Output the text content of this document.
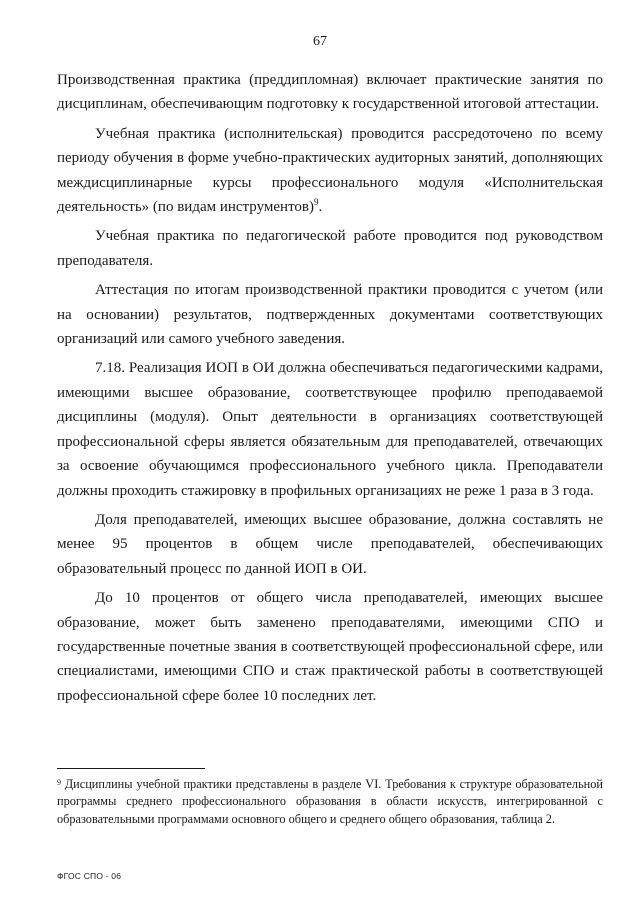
67

Производственная практика (преддипломная) включает практические занятия по дисциплинам, обеспечивающим подготовку к государственной итоговой аттестации.

Учебная практика (исполнительская) проводится рассредоточено по всему периоду обучения в форме учебно-практических аудиторных занятий, дополняющих междисциплинарные курсы профессионального модуля «Исполнительская деятельность» (по видам инструментов)$^9$.

Учебная практика по педагогической работе проводится под руководством преподавателя.

Аттестация по итогам производственной практики проводится с учетом (или на основании) результатов, подтвержденных документами соответствующих организаций или самого учебного заведения.

7.18. Реализация ИОП в ОИ должна обеспечиваться педагогическими кадрами, имеющими высшее образование, соответствующее профилю преподаваемой дисциплины (модуля). Опыт деятельности в организациях соответствующей профессиональной сферы является обязательным для преподавателей, отвечающих за освоение обучающимся профессионального учебного цикла. Преподаватели должны проходить стажировку в профильных организациях не реже 1 раза в 3 года.

Доля преподавателей, имеющих высшее образование, должна составлять не менее 95 процентов в общем числе преподавателей, обеспечивающих образовательный процесс по данной ИОП в ОИ.

До 10 процентов от общего числа преподавателей, имеющих высшее образование, может быть заменено преподавателями, имеющими СПО и государственные почетные звания в соответствующей профессиональной сфере, или специалистами, имеющими СПО и стаж практической работы в соответствующей профессиональной сфере более 10 последних лет.

$^9$ Дисциплины учебной практики представлены в разделе VI. Требования к структуре образовательной программы среднего профессионального образования в области искусств, интегрированной с образовательными программами основного общего и среднего общего образования, таблица 2.

ФГОС СПО - 06
